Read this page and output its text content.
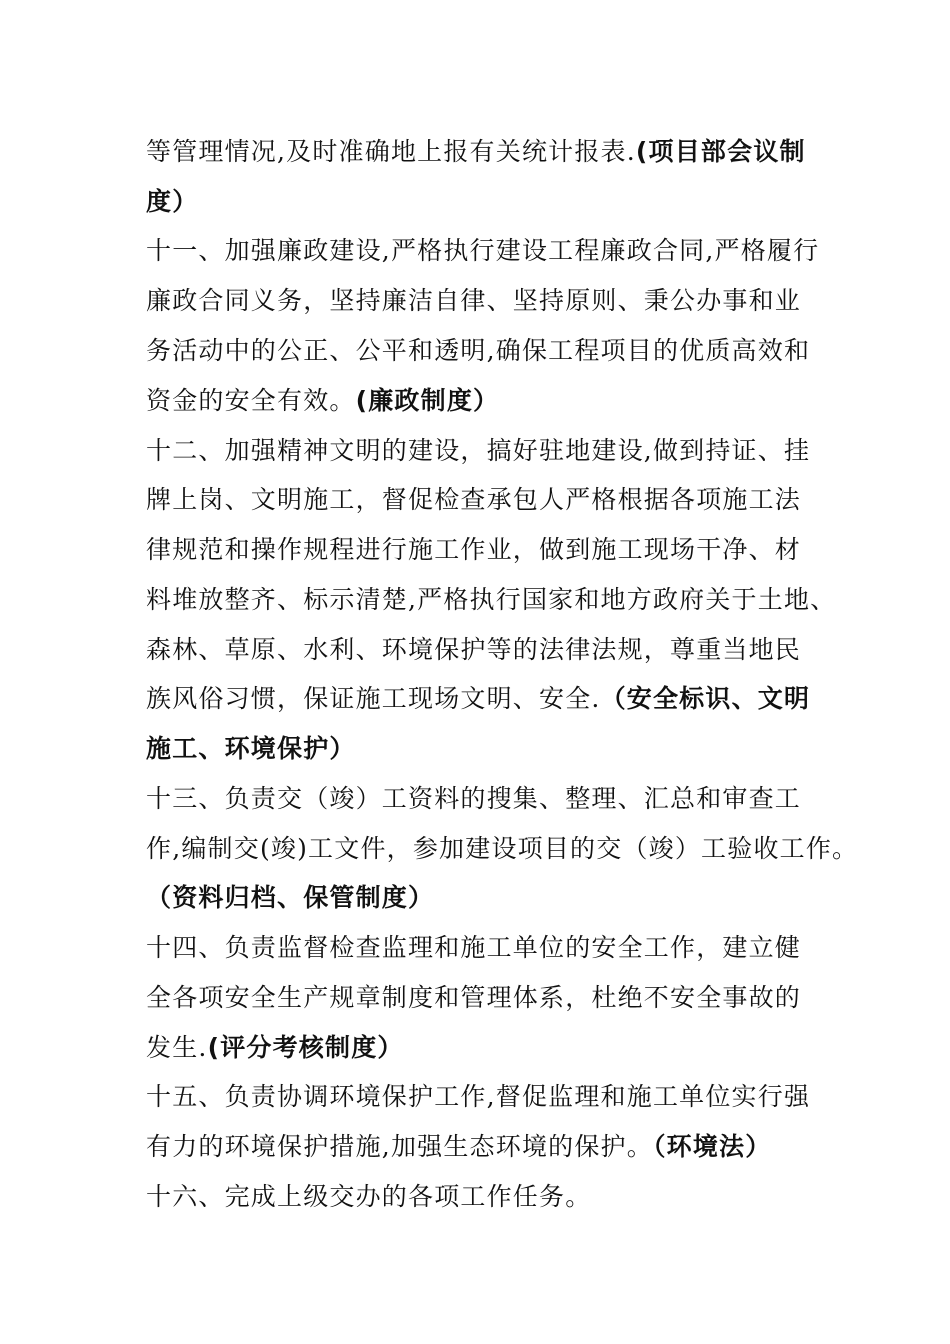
等管理情况,及时准确地上报有关统计报表.(项目部会议制
度）
十一、加强廉政建设,严格执行建设工程廉政合同,严格履行
廉政合同义务，坚持廉洁自律、坚持原则、秉公办事和业
务活动中的公正、公平和透明,确保工程项目的优质高效和
资金的安全有效。(廉政制度）
十二、加强精神文明的建设，搞好驻地建设,做到持证、挂
牌上岗、文明施工，督促检查承包人严格根据各项施工法
律规范和操作规程进行施工作业，做到施工现场干净、材
料堆放整齐、标示清楚,严格执行国家和地方政府关于土地、
森林、草原、水利、环境保护等的法律法规，尊重当地民
族风俗习惯，保证施工现场文明、安全.（安全标识、文明
施工、环境保护）
十三、负责交（竣）工资料的搜集、整理、汇总和审查工
作,编制交(竣)工文件，参加建设项目的交（竣）工验收工作。
（资料归档、保管制度）
十四、负责监督检查监理和施工单位的安全工作，建立健
全各项安全生产规章制度和管理体系，杜绝不安全事故的
发生.(评分考核制度）
十五、负责协调环境保护工作,督促监理和施工单位实行强
有力的环境保护措施,加强生态环境的保护。（环境法）
十六、完成上级交办的各项工作任务。
